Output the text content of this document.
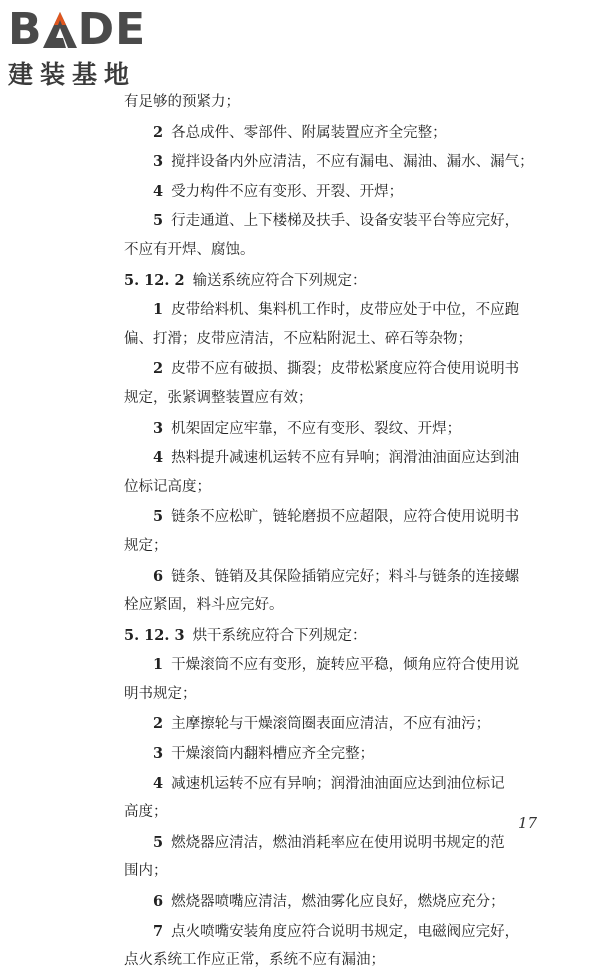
B DE
建装基地
有足够的预紧力；
2 各总成件、零部件、附属装置应齐全完整；
3 搅拌设备内外应清洁，不应有漏电、漏油、漏水、漏气；
4 受力构件不应有变形、开裂、开焊；
5 行走通道、上下楼梯及扶手、设备安装平台等应完好，
不应有开焊、腐蚀。
5. 12. 2 输送系统应符合下列规定：
1 皮带给料机、集料机工作时，皮带应处于中位，不应跑
偏、打滑；皮带应清洁，不应粘附泥土、碎石等杂物；
2 皮带不应有破损、撕裂；皮带松紧度应符合使用说明书
规定，张紧调整装置应有效；
3 机架固定应牢靠，不应有变形、裂纹、开焊；
4 热料提升减速机运转不应有异响；润滑油油面应达到油
位标记高度；
5 链条不应松旷，链轮磨损不应超限，应符合使用说明书
规定；
6 链条、链销及其保险插销应完好；料斗与链条的连接螺
栓应紧固，料斗应完好。
5. 12. 3 烘干系统应符合下列规定：
1 干燥滚筒不应有变形，旋转应平稳，倾角应符合使用说
明书规定；
2 主摩擦轮与干燥滚筒圈表面应清洁，不应有油污；
3 干燥滚筒内翻料槽应齐全完整；
4 减速机运转不应有异响；润滑油油面应达到油位标记
高度；
5 燃烧器应清洁，燃油消耗率应在使用说明书规定的范
围内；
6 燃烧器喷嘴应清洁，燃油雾化应良好，燃烧应充分；
7 点火喷嘴安装角度应符合说明书规定，电磁阀应完好，
点火系统工作应正常，系统不应有漏油；
17
